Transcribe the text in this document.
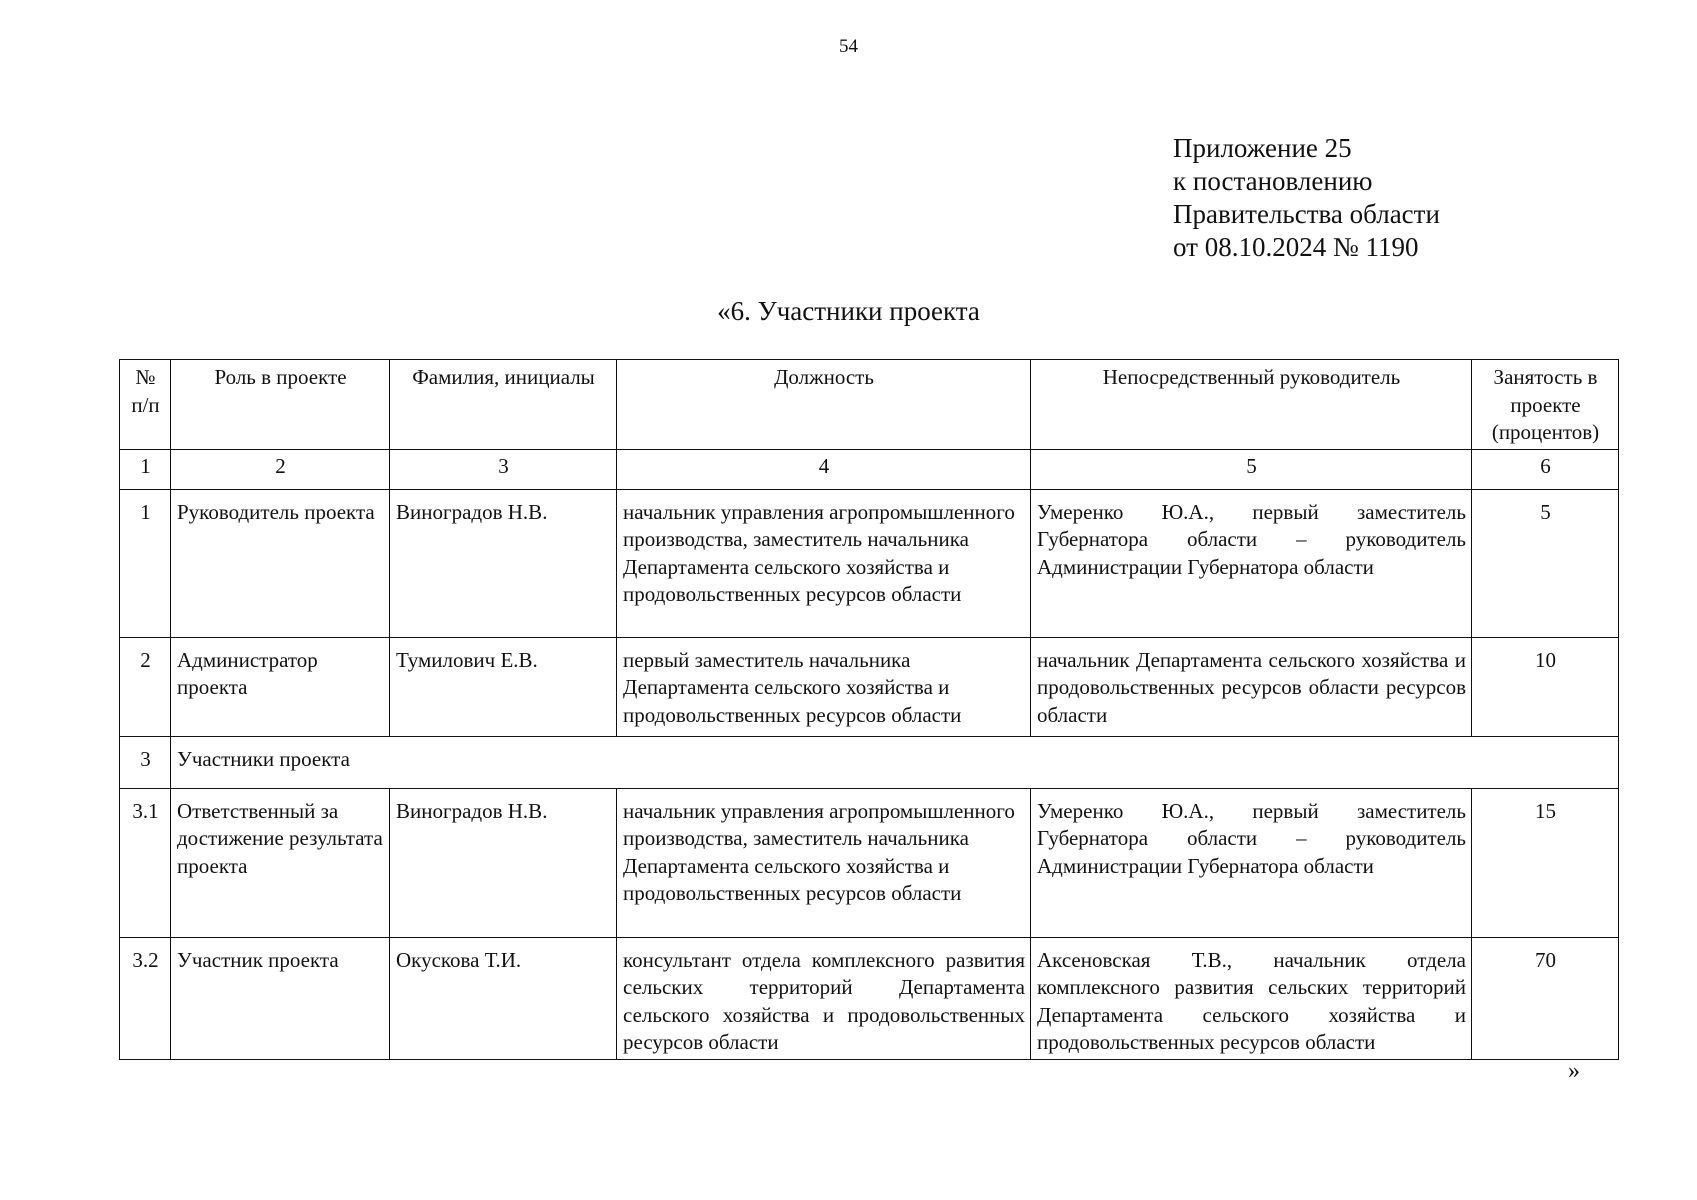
54
Приложение 25
к постановлению
Правительства области
от 08.10.2024 № 1190
«6. Участники проекта
№ п/п	Роль в проекте	Фамилия, инициалы	Должность	Непосредственный руководитель	Занятость в проекте (процентов)
1	2	3	4	5	6
1	Руководитель проекта	Виноградов Н.В.	начальник управления агропромышленного производства, заместитель начальника Департамента сельского хозяйства и продовольственных ресурсов области	Умеренко Ю.А., первый заместитель Губернатора области – руководитель Администрации Губернатора области	5
2	Администратор проекта	Тумилович Е.В.	первый заместитель начальника Департамента сельского хозяйства и продовольственных ресурсов области	начальник Департамента сельского хозяйства и продовольственных ресурсов области ресурсов области	10
3	Участники проекта				
3.1	Ответственный за достижение результата проекта	Виноградов Н.В.	начальник управления агропромышленного производства, заместитель начальника Департамента сельского хозяйства и продовольственных ресурсов области	Умеренко Ю.А., первый заместитель Губернатора области – руководитель Администрации Губернатора области	15
3.2	Участник проекта	Окускова Т.И.	консультант отдела комплексного развития сельских территорий Департамента сельского хозяйства и продовольственных ресурсов области	Аксеновская Т.В., начальник отдела комплексного развития сельских территорий Департамента сельского хозяйства и продовольственных ресурсов области	70
»
